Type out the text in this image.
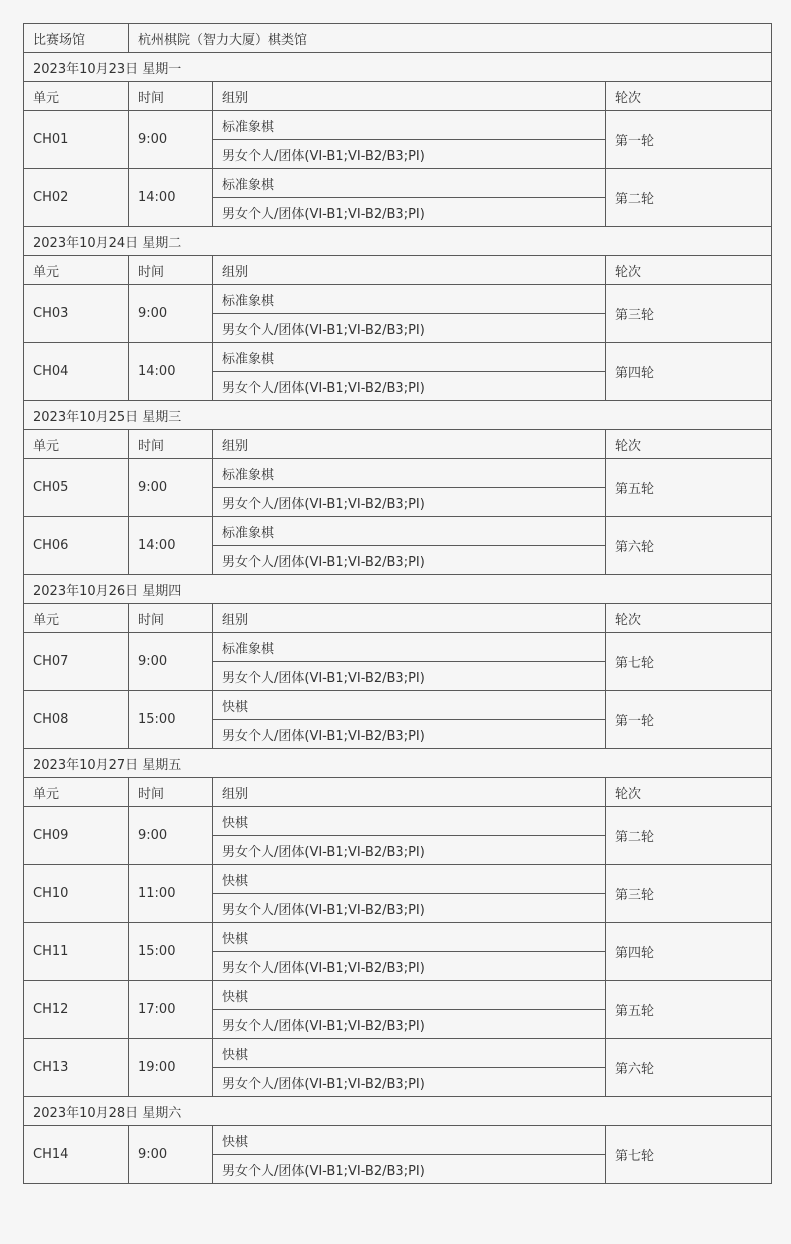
比赛场馆	杭州棋院（智力大厦）棋类馆		
2023年10月23日 星期一			
单元	时间	组别	轮次
CH01	9:00	标准象棋	第一轮
		男女个人/团体(VI-B1;VI-B2/B3;PI)	
CH02	14:00	标准象棋	第二轮
		男女个人/团体(VI-B1;VI-B2/B3;PI)	
2023年10月24日 星期二			
单元	时间	组别	轮次
CH03	9:00	标准象棋	第三轮
		男女个人/团体(VI-B1;VI-B2/B3;PI)	
CH04	14:00	标准象棋	第四轮
		男女个人/团体(VI-B1;VI-B2/B3;PI)	
2023年10月25日 星期三			
单元	时间	组别	轮次
CH05	9:00	标准象棋	第五轮
		男女个人/团体(VI-B1;VI-B2/B3;PI)	
CH06	14:00	标准象棋	第六轮
		男女个人/团体(VI-B1;VI-B2/B3;PI)	
2023年10月26日 星期四			
单元	时间	组别	轮次
CH07	9:00	标准象棋	第七轮
		男女个人/团体(VI-B1;VI-B2/B3;PI)	
CH08	15:00	快棋	第一轮
		男女个人/团体(VI-B1;VI-B2/B3;PI)	
2023年10月27日 星期五			
单元	时间	组别	轮次
CH09	9:00	快棋	第二轮
		男女个人/团体(VI-B1;VI-B2/B3;PI)	
CH10	11:00	快棋	第三轮
		男女个人/团体(VI-B1;VI-B2/B3;PI)	
CH11	15:00	快棋	第四轮
		男女个人/团体(VI-B1;VI-B2/B3;PI)	
CH12	17:00	快棋	第五轮
		男女个人/团体(VI-B1;VI-B2/B3;PI)	
CH13	19:00	快棋	第六轮
		男女个人/团体(VI-B1;VI-B2/B3;PI)	
2023年10月28日 星期六			
CH14	9:00	快棋	第七轮
		男女个人/团体(VI-B1;VI-B2/B3;PI)	
